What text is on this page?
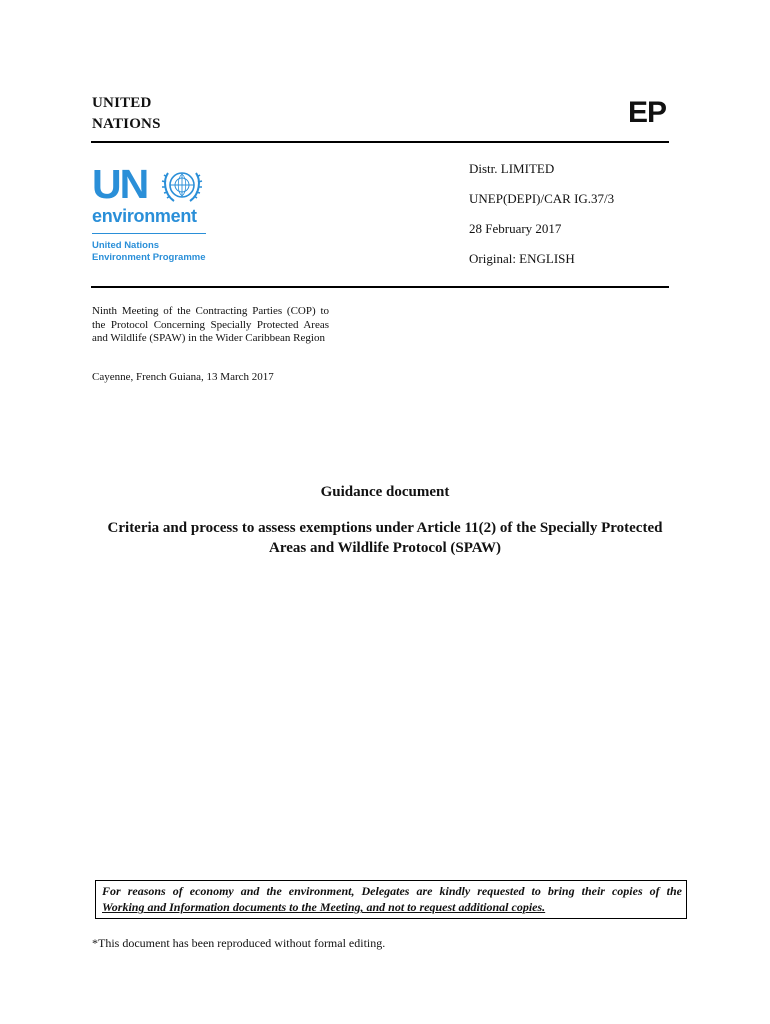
UNITED
NATIONS	EP
UN
environment
United Nations
Environment Programme
Distr. LIMITED
UNEP(DEPI)/CAR IG.37/3
28 February 2017
Original: ENGLISH
Ninth Meeting of the Contracting Parties (COP) to the Protocol Concerning Specially Protected Areas and Wildlife (SPAW) in the Wider Caribbean Region
Cayenne, French Guiana, 13 March 2017
Guidance document
Criteria and process to assess exemptions under Article 11(2) of the Specially Protected
Areas and Wildlife Protocol (SPAW)
For reasons of economy and the environment, Delegates are kindly requested to bring their copies of the
Working and Information documents to the Meeting, and not to request additional copies.
*This document has been reproduced without formal editing.
